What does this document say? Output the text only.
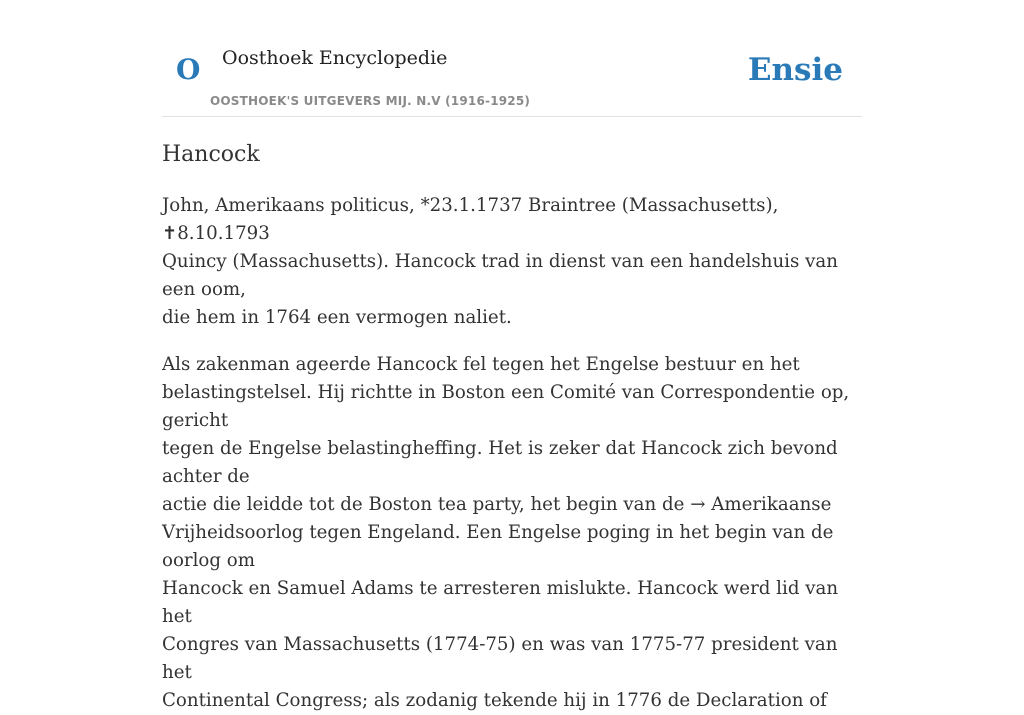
O Oosthoek Encyclopedie
OOSTHOEK'S UITGEVERS MIJ. N.V (1916-1925)
Ensie
Hancock

John, Amerikaans politicus, *23.1.1737 Braintree (Massachusetts), ✝8.10.1793
Quincy (Massachusetts). Hancock trad in dienst van een handelshuis van een oom,
die hem in 1764 een vermogen naliet.

Als zakenman ageerde Hancock fel tegen het Engelse bestuur en het
belastingstelsel. Hij richtte in Boston een Comité van Correspondentie op, gericht
tegen de Engelse belastingheffing. Het is zeker dat Hancock zich bevond achter de
actie die leidde tot de Boston tea party, het begin van de → Amerikaanse
Vrijheidsoorlog tegen Engeland. Een Engelse poging in het begin van de oorlog om
Hancock en Samuel Adams te arresteren mislukte. Hancock werd lid van het
Congres van Massachusetts (1774-75) en was van 1775-77 president van het
Continental Congress; als zodanig tekende hij in 1776 de Declaration of
